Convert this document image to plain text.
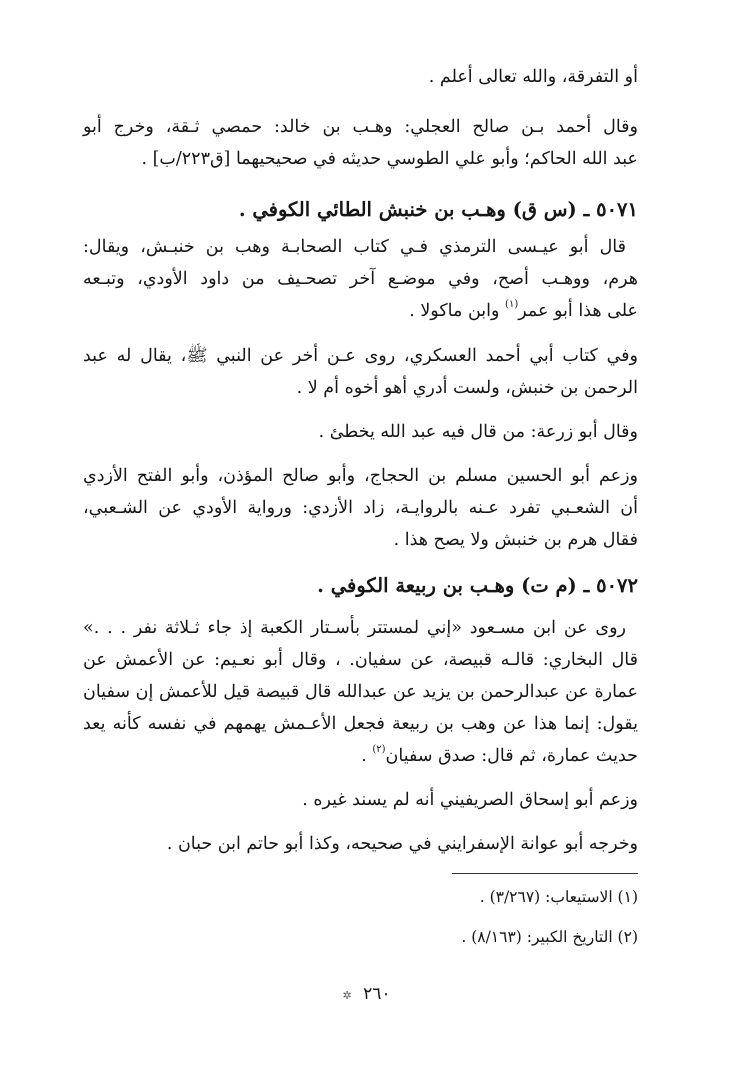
أو التفرقة، والله تعالى أعلم .
وقال أحمد بـن صالح العجلي: وهـب بن خالد: حمصي ثـقة، وخرج أبو
عبد الله الحاكم؛ وأبو علي الطوسي حديثه في صحيحيهما [ق٢٢٣/ب] .
٥٠٧١ ـ (س ق) وهـب بن خنبش الطائي الكوفي .
قال أبو عيـسى الترمذي فـي كتاب الصحابـة وهب بن خنبـش، ويقال:
هرم، ووهـب أصح، وفي موضـع آخر تصحـيف من داود الأودي، وتبـعه
على هذا أبو عمر$^{(١)}$ وابن ماكولا .
وفي كتاب أبي أحمد العسكري، روى عـن أخر عن النبي ﷺ، يقال له عبد
الرحمن بن خنبش، ولست أدري أهو أخوه أم لا .
وقال أبو زرعة: من قال فيه عبد الله يخطئ .
وزعم أبو الحسين مسلم بن الحجاج، وأبو صالح المؤذن، وأبو الفتح الأزدي
أن الشعـبي تفرد عـنه بالروايـة، زاد الأزدي: ورواية الأودي عن الشـعبي،
فقال هرم بن خنبش ولا يصح هذا .
٥٠٧٢ ـ (م ت) وهـب بن ربيعة الكوفي .
روى عن ابن مسـعود «إني لمستتر بأسـتار الكعبة إذ جاء ثـلاثة نفر . . .»
قال البخاري: قالـه قبيصة، عن سفيان. ، وقال أبو نعـيم: عن الأعمش عن
عمارة عن عبدالرحمن بن يزيد عن عبدالله قال قبيصة قيل للأعمش إن سفيان
يقول: إنما هذا عن وهب بن ربيعة فجعل الأعـمش يهمهم في نفسه كأنه يعد
حديث عمارة، ثم قال: صدق سفيان$^{(٢)}$ .
وزعم أبو إسحاق الصريفيني أنه لم يسند غيره .
وخرجه أبو عوانة الإسفرايني في صحيحه، وكذا أبو حاتم ابن حبان .
(١) الاستيعاب: (٣/٢٦٧) .
(٢) التاريخ الكبير: (٨/١٦٣) .
✲ ٢٦٠
